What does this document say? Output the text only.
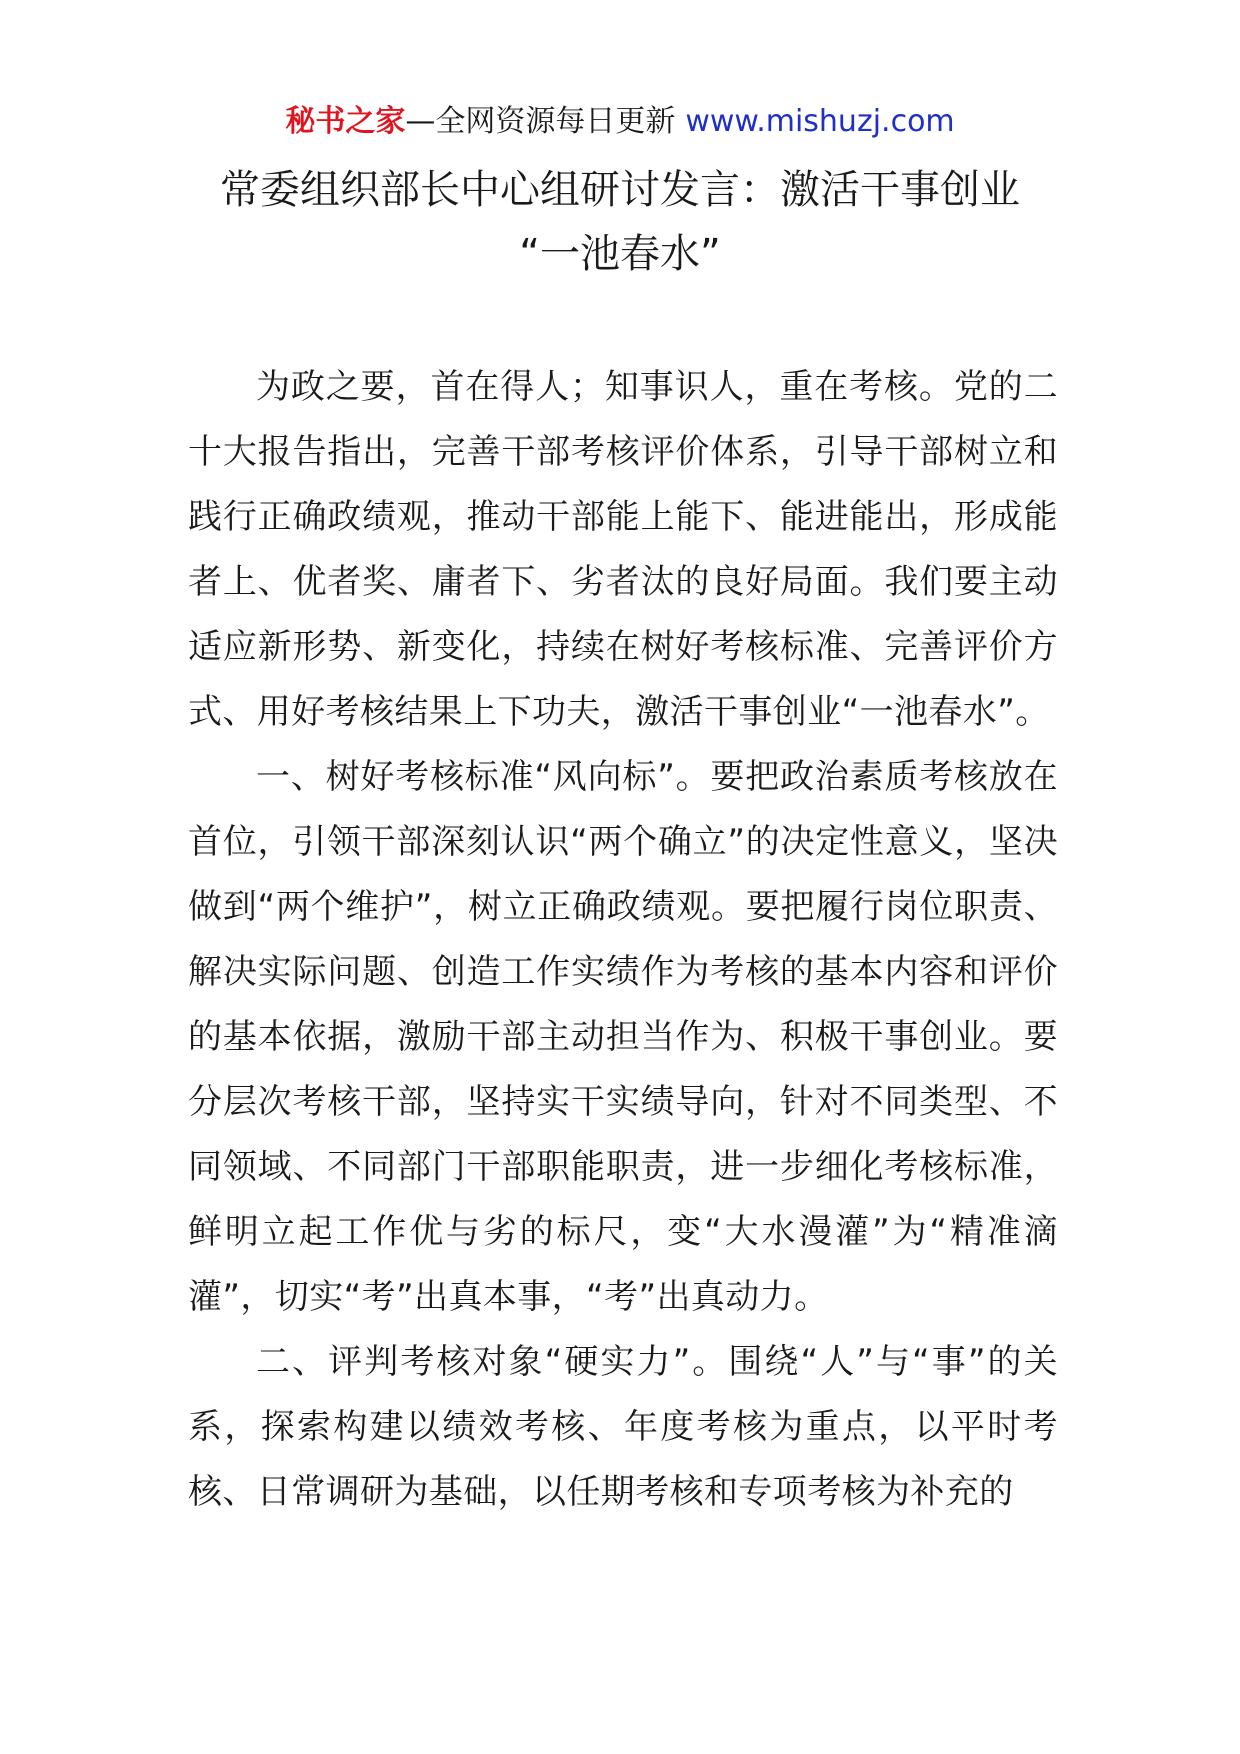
秘书之家—全网资源每日更新 www.mishuzj.com
常委组织部长中心组研讨发言：激活干事创业
“一池春水”

为政之要，首在得人；知事识人，重在考核。党的二十大报告指出，完善干部考核评价体系，引导干部树立和践行正确政绩观，推动干部能上能下、能进能出，形成能者上、优者奖、庸者下、劣者汰的良好局面。我们要主动适应新形势、新变化，持续在树好考核标准、完善评价方式、用好考核结果上下功夫，激活干事创业“一池春水”。

一、树好考核标准“风向标”。要把政治素质考核放在首位，引领干部深刻认识“两个确立”的决定性意义，坚决做到“两个维护”，树立正确政绩观。要把履行岗位职责、解决实际问题、创造工作实绩作为考核的基本内容和评价的基本依据，激励干部主动担当作为、积极干事创业。要分层次考核干部，坚持实干实绩导向，针对不同类型、不同领域、不同部门干部职能职责，进一步细化考核标准，鲜明立起工作优与劣的标尺，变“大水漫灌”为“精准滴灌”，切实“考”出真本事，“考”出真动力。

二、评判考核对象“硬实力”。围绕“人”与“事”的关系，探索构建以绩效考核、年度考核为重点，以平时考核、日常调研为基础，以任期考核和专项考核为补充的
